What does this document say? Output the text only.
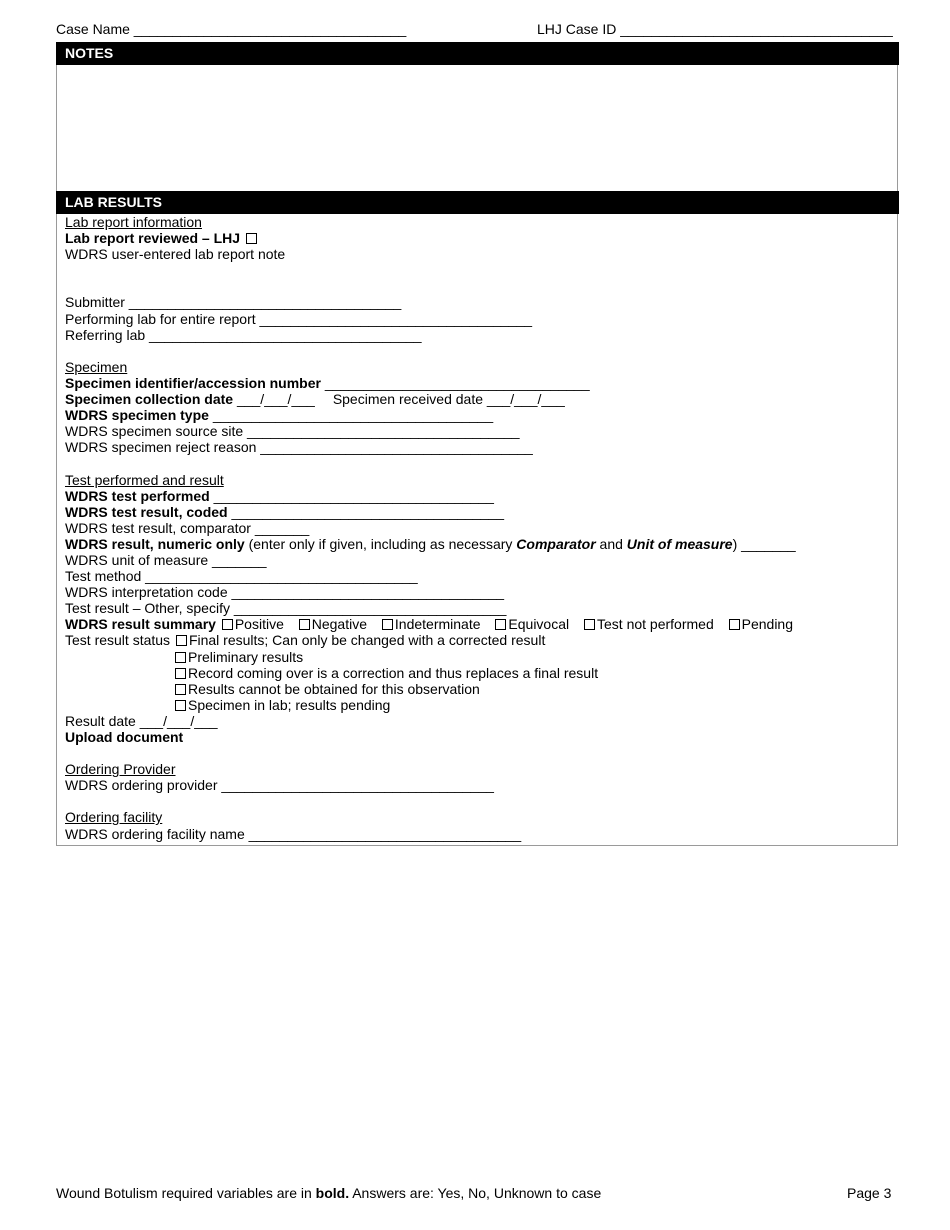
Case Name ___________________________________	LHJ Case ID ___________________________________
NOTES
LAB RESULTS
Lab report information
Lab report reviewed – LHJ
WDRS user-entered lab report note
Submitter ___________________________________
Performing lab for entire report ___________________________________
Referring lab ___________________________________
Specimen
Specimen identifier/accession number __________________________________
Specimen collection date ___/___/___ Specimen received date ___/___/___
WDRS specimen type ____________________________________
WDRS specimen source site ___________________________________
WDRS specimen reject reason ___________________________________
Test performed and result
WDRS test performed ____________________________________
WDRS test result, coded ___________________________________
WDRS test result, comparator _______
WDRS result, numeric only (enter only if given, including as necessary Comparator and Unit of measure) _______
WDRS unit of measure _______
Test method ___________________________________
WDRS interpretation code ___________________________________
Test result – Other, specify ___________________________________
WDRS result summary Positive Negative Indeterminate Equivocal Test not performed Pending
Test result status Final results; Can only be changed with a corrected result
Preliminary results
Record coming over is a correction and thus replaces a final result
Results cannot be obtained for this observation
Specimen in lab; results pending
Result date ___/___/___
Upload document
Ordering Provider
WDRS ordering provider ___________________________________
Ordering facility
WDRS ordering facility name ___________________________________
Wound Botulism required variables are in bold. Answers are: Yes, No, Unknown to case	Page 3
